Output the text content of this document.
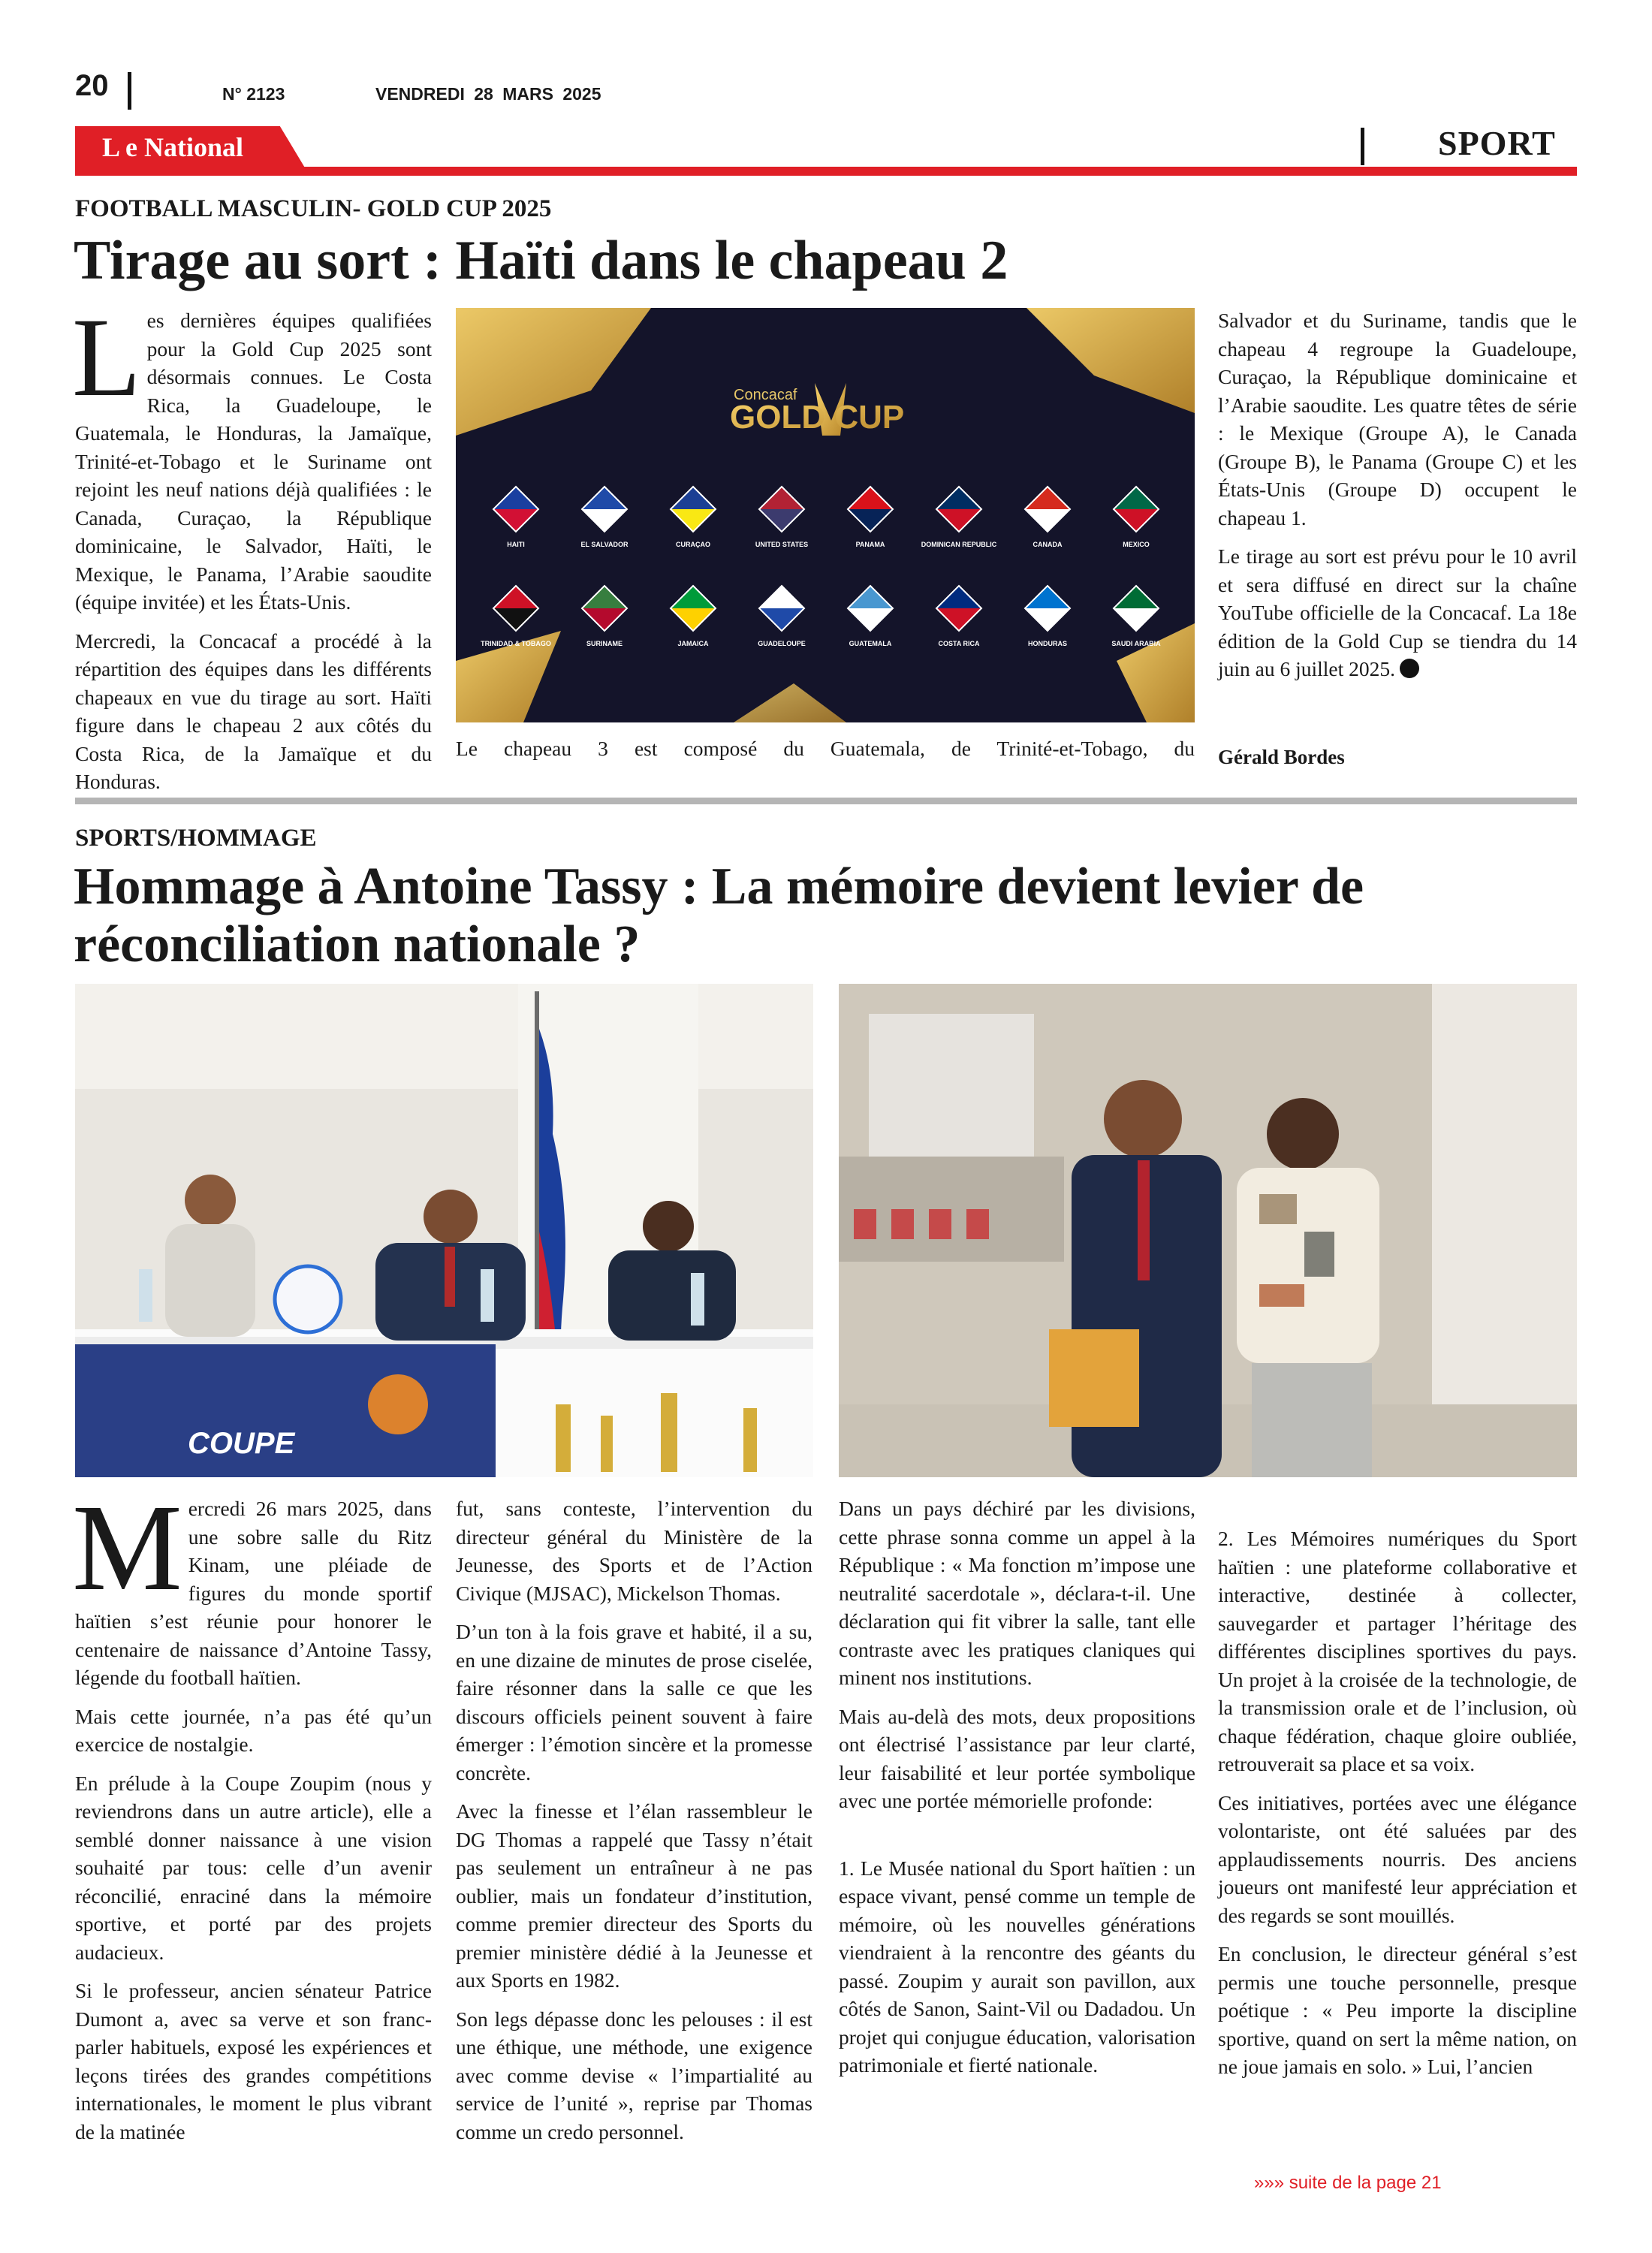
20	N° 2123	VENDREDI 28 MARS 2025
L e National	SPORT
FOOTBALL MASCULIN- GOLD CUP 2025
Tirage au sort : Haïti dans le chapeau 2

Les dernières équipes qualifiées pour la Gold Cup 2025 sont désormais connues. Le Costa Rica, la Guadeloupe, le Guatemala, le Honduras, la Jamaïque, Trinité-et-Tobago et le Suriname ont rejoint les neuf nations déjà qualifiées : le Canada, Curaçao, la République dominicaine, le Salvador, Haïti, le Mexique, le Panama, l’Arabie saoudite (équipe invitée) et les États-Unis.

Mercredi, la Concacaf a procédé à la répartition des équipes dans les différents chapeaux en vue du tirage au sort. Haïti figure dans le chapeau 2 aux côtés du Costa Rica, de la Jamaïque et du Honduras.

Concacaf
GOLD CUP
HAITI	EL SALVADOR	CURAÇAO	UNITED STATES	PANAMA	DOMINICAN REPUBLIC	CANADA	MEXICO
TRINIDAD & TOBAGO	SURINAME	JAMAICA	GUADELOUPE	GUATEMALA	COSTA RICA	HONDURAS	SAUDI ARABIA

Le chapeau 3 est composé du Guatemala, de Trinité-et-Tobago, du

Salvador et du Suriname, tandis que le chapeau 4 regroupe la Guadeloupe, Curaçao, la République dominicaine et l’Arabie saoudite. Les quatre têtes de série : le Mexique (Groupe A), le Canada (Groupe B), le Panama (Groupe C) et les États-Unis (Groupe D) occupent le chapeau 1.

Le tirage au sort est prévu pour le 10 avril et sera diffusé en direct sur la chaîne YouTube officielle de la Concacaf. La 18e édition de la Gold Cup se tiendra du 14 juin au 6 juillet 2025.

Gérald Bordes
SPORTS/HOMMAGE
Hommage à Antoine Tassy : La mémoire devient levier de
réconciliation nationale ?
COUPE

Mercredi 26 mars 2025, dans une sobre salle du Ritz Kinam, une pléiade de figures du monde sportif haïtien s’est réunie pour honorer le centenaire de naissance d’Antoine Tassy, légende du football haïtien.

Mais cette journée, n’a pas été qu’un exercice de nostalgie.

En prélude à la Coupe Zoupim (nous y reviendrons dans un autre article), elle a semblé donner naissance à une vision souhaité par tous: celle d’un avenir réconcilié, enraciné dans la mémoire sportive, et porté par des projets audacieux.

Si le professeur, ancien sénateur Patrice Dumont a, avec sa verve et son franc-parler habituels, exposé les expériences et leçons tirées des grandes compétitions internationales, le moment le plus vibrant de la matinée

fut, sans conteste, l’intervention du directeur général du Ministère de la Jeunesse, des Sports et de l’Action Civique (MJSAC), Mickelson Thomas.

D’un ton à la fois grave et habité, il a su, en une dizaine de minutes de prose ciselée, faire résonner dans la salle ce que les discours officiels peinent souvent à faire émerger : l’émotion sincère et la promesse concrète.

Avec la finesse et l’élan rassembleur le DG Thomas a rappelé que Tassy n’était pas seulement un entraîneur à ne pas oublier, mais un fondateur d’institution, comme premier directeur des Sports du premier ministère dédié à la Jeunesse et aux Sports en 1982.

Son legs dépasse donc les pelouses : il est une éthique, une méthode, une exigence avec comme devise « l’impartialité au service de l’unité », reprise par Thomas comme un credo personnel.

Dans un pays déchiré par les divisions, cette phrase sonna comme un appel à la République : « Ma fonction m’impose une neutralité sacerdotale », déclara-t-il. Une déclaration qui fit vibrer la salle, tant elle contraste avec les pratiques claniques qui minent nos institutions.

Mais au-delà des mots, deux propositions ont électrisé l’assistance par leur clarté, leur faisabilité et leur portée symbolique avec une portée mémorielle profonde:

1. Le Musée national du Sport haïtien : un espace vivant, pensé comme un temple de mémoire, où les nouvelles générations viendraient à la rencontre des géants du passé. Zoupim y aurait son pavillon, aux côtés de Sanon, Saint-Vil ou Dadadou. Un projet qui conjugue éducation, valorisation patrimoniale et fierté nationale.

2. Les Mémoires numériques du Sport haïtien : une plateforme collaborative et interactive, destinée à collecter, sauvegarder et partager l’héritage des différentes disciplines sportives du pays. Un projet à la croisée de la technologie, de la transmission orale et de l’inclusion, où chaque fédération, chaque gloire oubliée, retrouverait sa place et sa voix.

Ces initiatives, portées avec une élégance volontariste, ont été saluées par des applaudissements nourris. Des anciens joueurs ont manifesté leur appréciation et des regards se sont mouillés.

En conclusion, le directeur général s’est permis une touche personnelle, presque poétique : « Peu importe la discipline sportive, quand on sert la même nation, on ne joue jamais en solo. » Lui, l’ancien

»»» suite de la page 21
